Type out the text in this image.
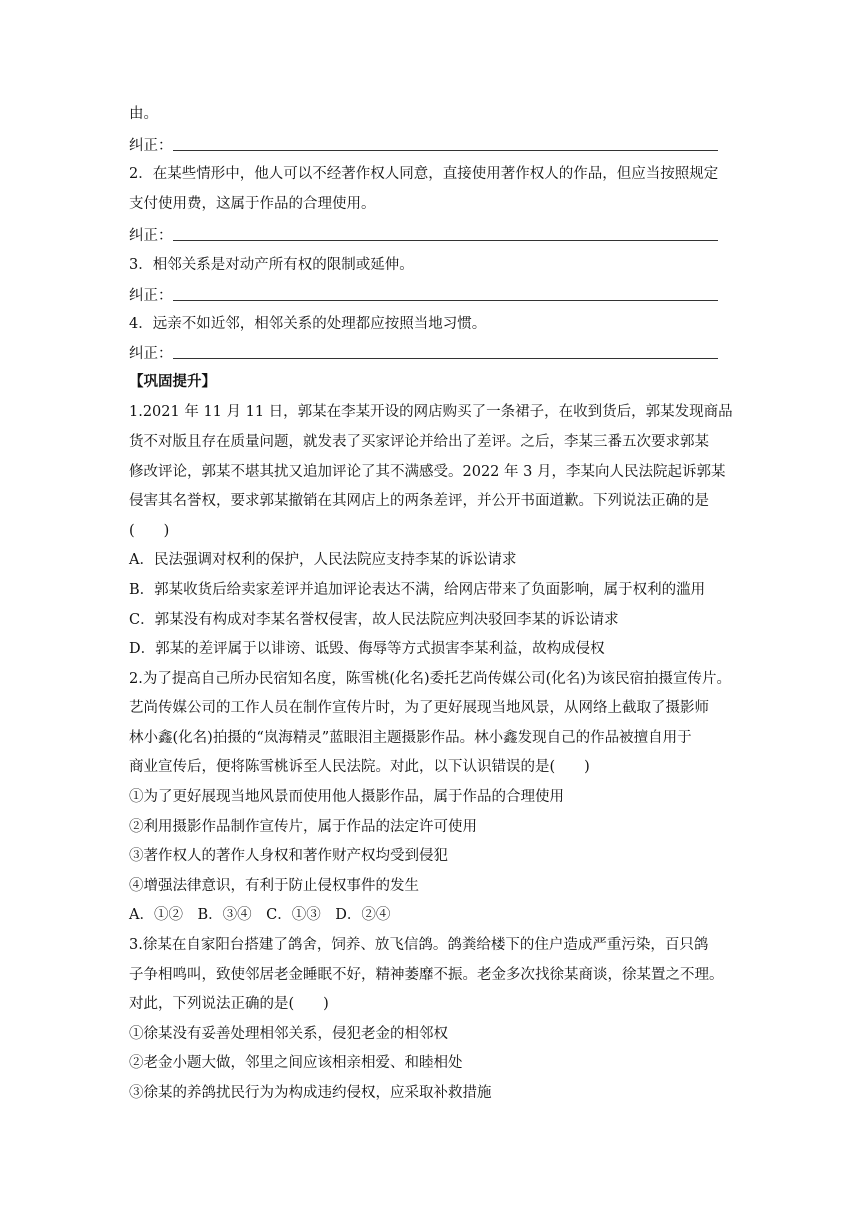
由。
纠正：
2．在某些情形中，他人可以不经著作权人同意，直接使用著作权人的作品，但应当按照规定
支付使用费，这属于作品的合理使用。
纠正：
3．相邻关系是对动产所有权的限制或延伸。
纠正：
4．远亲不如近邻，相邻关系的处理都应按照当地习惯。
纠正：
【巩固提升】
1.2021 年 11 月 11 日，郭某在李某开设的网店购买了一条裙子，在收到货后，郭某发现商品
货不对版且存在质量问题，就发表了买家评论并给出了差评。之后，李某三番五次要求郭某
修改评论，郭某不堪其扰又追加评论了其不满感受。2022 年 3 月，李某向人民法院起诉郭某
侵害其名誉权，要求郭某撤销在其网店上的两条差评，并公开书面道歉。下列说法正确的是
(　　)
A．民法强调对权利的保护，人民法院应支持李某的诉讼请求
B．郭某收货后给卖家差评并追加评论表达不满，给网店带来了负面影响，属于权利的滥用
C．郭某没有构成对李某名誉权侵害，故人民法院应判决驳回李某的诉讼请求
D．郭某的差评属于以诽谤、诋毁、侮辱等方式损害李某利益，故构成侵权
2.为了提高自己所办民宿知名度，陈雪桃(化名)委托艺尚传媒公司(化名)为该民宿拍摄宣传片。
艺尚传媒公司的工作人员在制作宣传片时，为了更好展现当地风景，从网络上截取了摄影师
林小鑫(化名)拍摄的“岚海精灵”蓝眼泪主题摄影作品。林小鑫发现自己的作品被擅自用于
商业宣传后，便将陈雪桃诉至人民法院。对此，以下认识错误的是(　　)
①为了更好展现当地风景而使用他人摄影作品，属于作品的合理使用
②利用摄影作品制作宣传片，属于作品的法定许可使用
③著作权人的著作人身权和著作财产权均受到侵犯
④增强法律意识，有利于防止侵权事件的发生
A．①②　B．③④　C．①③　D．②④
3.徐某在自家阳台搭建了鸽舍，饲养、放飞信鸽。鸽粪给楼下的住户造成严重污染，百只鸽
子争相鸣叫，致使邻居老金睡眠不好，精神萎靡不振。老金多次找徐某商谈，徐某置之不理。
对此，下列说法正确的是(　　)
①徐某没有妥善处理相邻关系，侵犯老金的相邻权
②老金小题大做，邻里之间应该相亲相爱、和睦相处
③徐某的养鸽扰民行为为构成违约侵权，应采取补救措施
